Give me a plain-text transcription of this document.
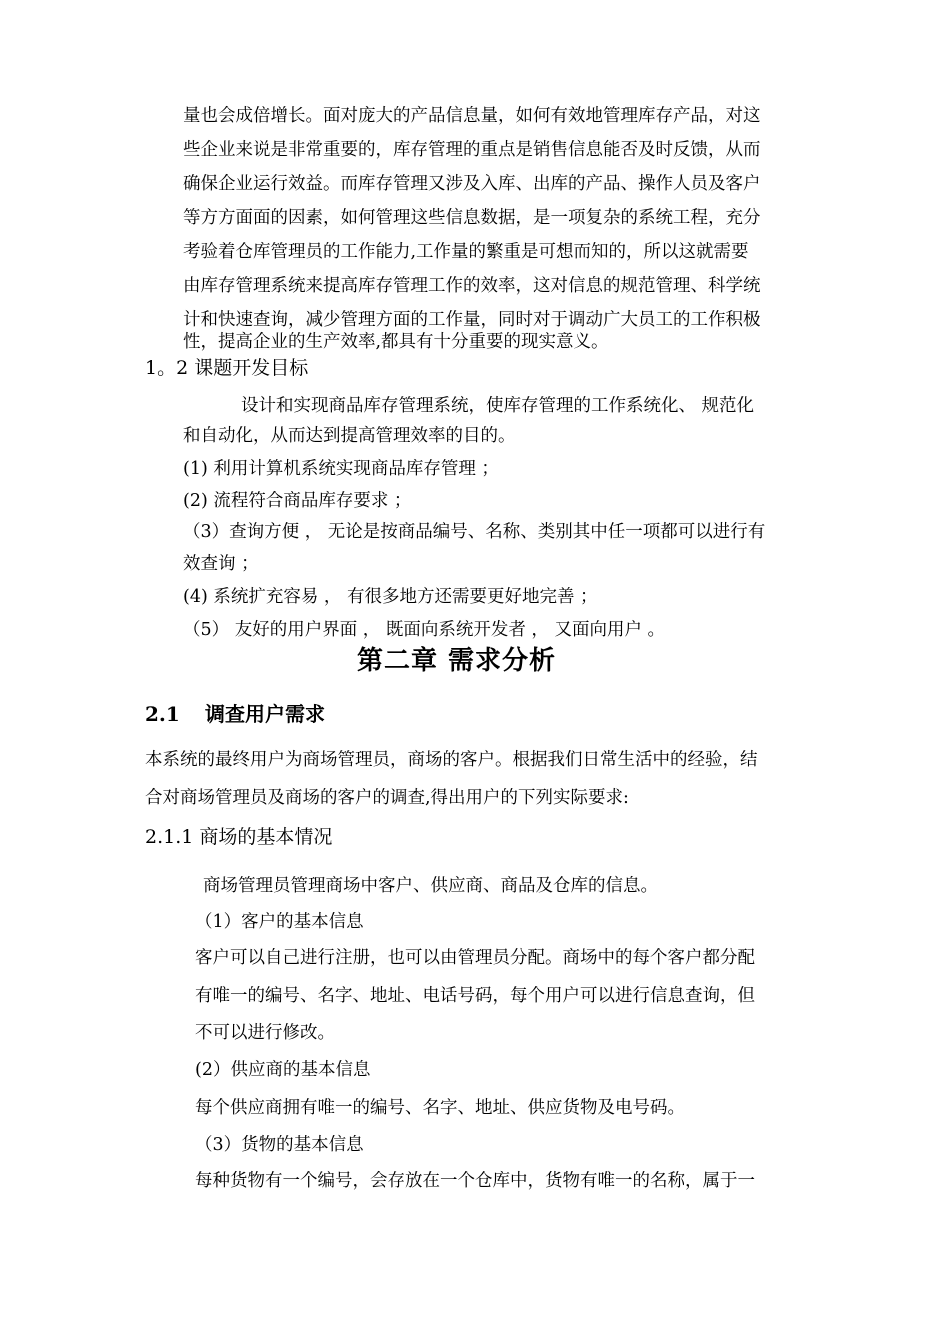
量也会成倍增长。面对庞大的产品信息量，如何有效地管理库存产品，对这
些企业来说是非常重要的，库存管理的重点是销售信息能否及时反馈，从而
确保企业运行效益。而库存管理又涉及入库、出库的产品、操作人员及客户
等方方面面的因素，如何管理这些信息数据，是一项复杂的系统工程，充分
考验着仓库管理员的工作能力,工作量的繁重是可想而知的，所以这就需要
由库存管理系统来提高库存管理工作的效率，这对信息的规范管理、科学统
计和快速查询，减少管理方面的工作量，同时对于调动广大员工的工作积极
性，提高企业的生产效率,都具有十分重要的现实意义。
1。2 课题开发目标
设计和实现商品库存管理系统，使库存管理的工作系统化、 规范化
和自动化，从而达到提高管理效率的目的。
(1) 利用计算机系统实现商品库存管理 ；
(2) 流程符合商品库存要求 ；
（3）查询方便 ， 无论是按商品编号、名称、类别其中任一项都可以进行有
效查询 ；
(4) 系统扩充容易 ， 有很多地方还需要更好地完善 ；
（5） 友好的用户界面 ， 既面向系统开发者 ， 又面向用户 。
第二章 需求分析
2.1 调查用户需求
本系统的最终用户为商场管理员，商场的客户。根据我们日常生活中的经验，结
合对商场管理员及商场的客户的调查,得出用户的下列实际要求:
2.1.1 商场的基本情况
商场管理员管理商场中客户、供应商、商品及仓库的信息。
（1）客户的基本信息
客户可以自己进行注册，也可以由管理员分配。商场中的每个客户都分配
有唯一的编号、名字、地址、电话号码，每个用户可以进行信息查询，但
不可以进行修改。
(2）供应商的基本信息
每个供应商拥有唯一的编号、名字、地址、供应货物及电号码。
（3）货物的基本信息
每种货物有一个编号，会存放在一个仓库中，货物有唯一的名称，属于一
